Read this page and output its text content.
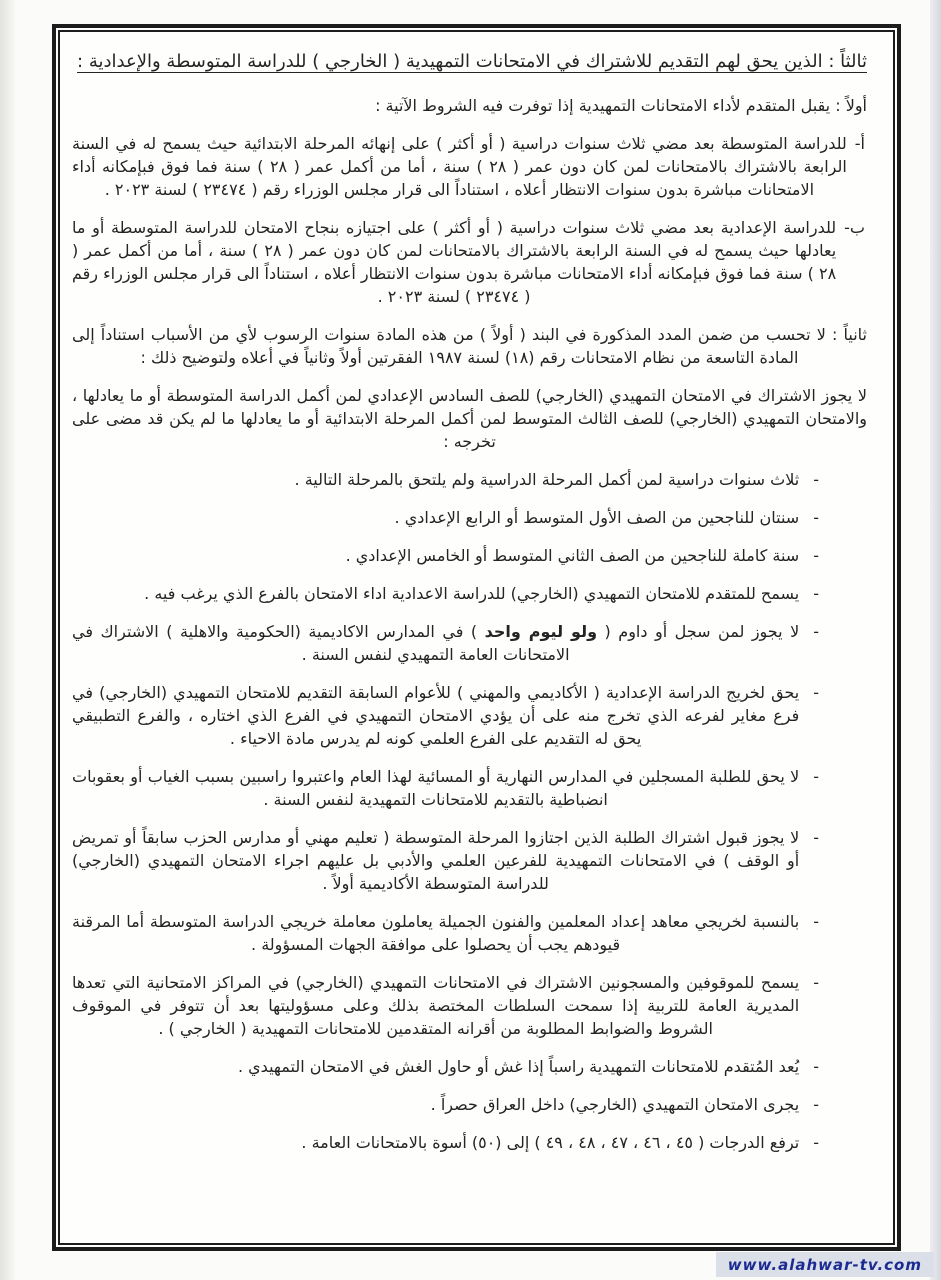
ثالثاً : الذين يحق لهم التقديم للاشتراك في الامتحانات التمهيدية ( الخارجي ) للدراسة المتوسطة والإعدادية :

أولاً : يقبل المتقدم لأداء الامتحانات التمهيدية إذا توفرت فيه الشروط الآتية :

أ-
للدراسة المتوسطة بعد مضي ثلاث سنوات دراسية ( أو أكثر ) على إنهائه المرحلة الابتدائية حيث يسمح له في السنة الرابعة بالاشتراك بالامتحانات لمن كان دون عمر ( ٢٨ ) سنة ، أما من أكمل عمر ( ٢٨ ) سنة فما فوق فبإمكانه أداء الامتحانات مباشرة بدون سنوات الانتظار أعلاه ، استناداً الى قرار مجلس الوزراء رقم ( ٢٣٤٧٤ ) لسنة ٢٠٢٣ .
ب-
للدراسة الإعدادية بعد مضي ثلاث سنوات دراسية ( أو أكثر ) على اجتيازه بنجاح الامتحان للدراسة المتوسطة أو ما يعادلها حيث يسمح له في السنة الرابعة بالاشتراك بالامتحانات لمن كان دون عمر ( ٢٨ ) سنة ، أما من أكمل عمر ( ٢٨ ) سنة فما فوق فبإمكانه أداء الامتحانات مباشرة بدون سنوات الانتظار أعلاه ، استناداً الى قرار مجلس الوزراء رقم ( ٢٣٤٧٤ ) لسنة ٢٠٢٣ .

ثانياً : لا تحسب من ضمن المدد المذكورة في البند ( أولاً ) من هذه المادة سنوات الرسوب لأي من الأسباب استناداً إلى المادة التاسعة من نظام الامتحانات رقم (١٨) لسنة ١٩٨٧ الفقرتين أولاً وثانياً في أعلاه ولتوضيح ذلك :

لا يجوز الاشتراك في الامتحان التمهيدي (الخارجي) للصف السادس الإعدادي لمن أكمل الدراسة المتوسطة أو ما يعادلها ، والامتحان التمهيدي (الخارجي) للصف الثالث المتوسط لمن أكمل المرحلة الابتدائية أو ما يعادلها ما لم يكن قد مضى على تخرجه :

-
ثلاث سنوات دراسية لمن أكمل المرحلة الدراسية ولم يلتحق بالمرحلة التالية .
-
سنتان للناجحين من الصف الأول المتوسط أو الرابع الإعدادي .
-
سنة كاملة للناجحين من الصف الثاني المتوسط أو الخامس الإعدادي .
-
يسمح للمتقدم للامتحان التمهيدي (الخارجي) للدراسة الاعدادية اداء الامتحان بالفرع الذي يرغب فيه .
-
لا يجوز لمن سجل أو داوم ( ولو ليوم واحد ) في المدارس الاكاديمية (الحكومية والاهلية ) الاشتراك في الامتحانات العامة التمهيدي لنفس السنة .
-
يحق لخريج الدراسة الإعدادية ( الأكاديمي والمهني ) للأعوام السابقة التقديم للامتحان التمهيدي (الخارجي) في فرع مغاير لفرعه الذي تخرج منه على أن يؤدي الامتحان التمهيدي في الفرع الذي اختاره ، والفرع التطبيقي يحق له التقديم على الفرع العلمي كونه لم يدرس مادة الاحياء .
-
لا يحق للطلبة المسجلين في المدارس النهارية أو المسائية لهذا العام واعتبروا راسبين بسبب الغياب أو بعقوبات انضباطية بالتقديم للامتحانات التمهيدية لنفس السنة .
-
لا يجوز قبول اشتراك الطلبة الذين اجتازوا المرحلة المتوسطة ( تعليم مهني أو مدارس الحزب سابقاً أو تمريض أو الوقف ) في الامتحانات التمهيدية للفرعين العلمي والأدبي بل عليهم اجراء الامتحان التمهيدي (الخارجي) للدراسة المتوسطة الأكاديمية أولاً .
-
بالنسبة لخريجي معاهد إعداد المعلمين والفنون الجميلة يعاملون معاملة خريجي الدراسة المتوسطة أما المرقنة قيودهم يجب أن يحصلوا على موافقة الجهات المسؤولة .
-
يسمح للموقوفين والمسجونين الاشتراك في الامتحانات التمهيدي (الخارجي) في المراكز الامتحانية التي تعدها المديرية العامة للتربية إذا سمحت السلطات المختصة بذلك وعلى مسؤوليتها بعد أن تتوفر في الموقوف الشروط والضوابط المطلوبة من أقرانه المتقدمين للامتحانات التمهيدية ( الخارجي ) .
-
يُعد المُتقدم للامتحانات التمهيدية راسباً إذا غش أو حاول الغش في الامتحان التمهيدي .
-
يجرى الامتحان التمهيدي (الخارجي) داخل العراق حصراً .
-
ترفع الدرجات ( ٤٥ ، ٤٦ ، ٤٧ ، ٤٨ ، ٤٩ ) إلى (٥٠) أسوة بالامتحانات العامة .
www.alahwar-tv.com
